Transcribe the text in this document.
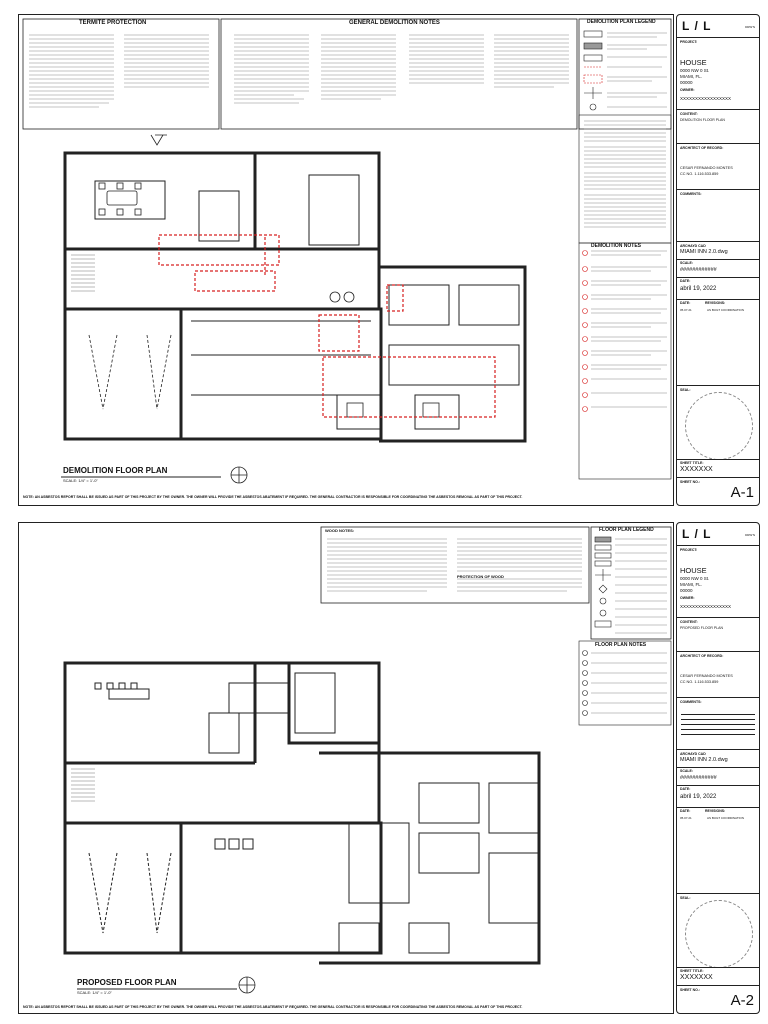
TERMITE PROTECTION	GENERAL DEMOLITION NOTES	DEMOLITION PLAN LEGEND
DEMOLITION NOTES
DEMOLITION FLOOR PLAN
SCALE: 1/4" = 1'-0"
NOTE: AN ASBESTOS REPORT SHALL BE ISSUED AS PART OF THIS PROJECT BY THE OWNER. THE OWNER WILL PROVIDE THE ASBESTOS ABATEMENT IF REQUIRED. THE GENERAL CONTRACTOR IS RESPONSIBLE FOR COORDINATING THE ASBESTOS REMOVAL AS PART OF THIS PROJECT.
L / L	DRW'N
PROJECT:
HOUSE
0000 NW 0 St.
MIAMI, FL.
00000
OWNER:
XXXXXXXXXXXXXXXXX
CONTENT:
DEMOLITION FLOOR PLAN
ARCHITECT OF RECORD:
CESAR FERNANDO MONTES
CC NO. 1.116.533.859
COMMENTS:
ARCHAYD CAD
MIAMI INN 2.0.dwg
SCALE:
############
DATE:
abril 19, 2022
DATE:	REVISIONS:
05.07.21	AS BUILT COORDINATION
SEAL:
SHEET TITLE:
XXXXXXX
SHEET NO.:
A-1
WOOD NOTES:
PROTECTION OF WOOD
FLOOR PLAN LEGEND
FLOOR PLAN NOTES
PROPOSED FLOOR PLAN
SCALE: 1/4" = 1'-0"
NOTE: AN ASBESTOS REPORT SHALL BE ISSUED AS PART OF THIS PROJECT BY THE OWNER. THE OWNER WILL PROVIDE THE ASBESTOS ABATEMENT IF REQUIRED. THE GENERAL CONTRACTOR IS RESPONSIBLE FOR COORDINATING THE ASBESTOS REMOVAL AS PART OF THIS PROJECT.
L / L	DRW'N
PROJECT:
HOUSE
0000 NW 0 St.
MIAMI, FL.
00000
OWNER:
XXXXXXXXXXXXXXXXX
CONTENT:
PROPOSED FLOOR PLAN
ARCHITECT OF RECORD:
CESAR FERNANDO MONTES
CC NO. 1.116.533.859
COMMENTS:
ARCHAYD CAD
MIAMI INN 2.0.dwg
SCALE:
############
DATE:
abril 19, 2022
DATE:	REVISIONS:
05.07.21	AS BUILT COORDINATION
SEAL:
SHEET TITLE:
XXXXXXX
SHEET NO.:
A-2
